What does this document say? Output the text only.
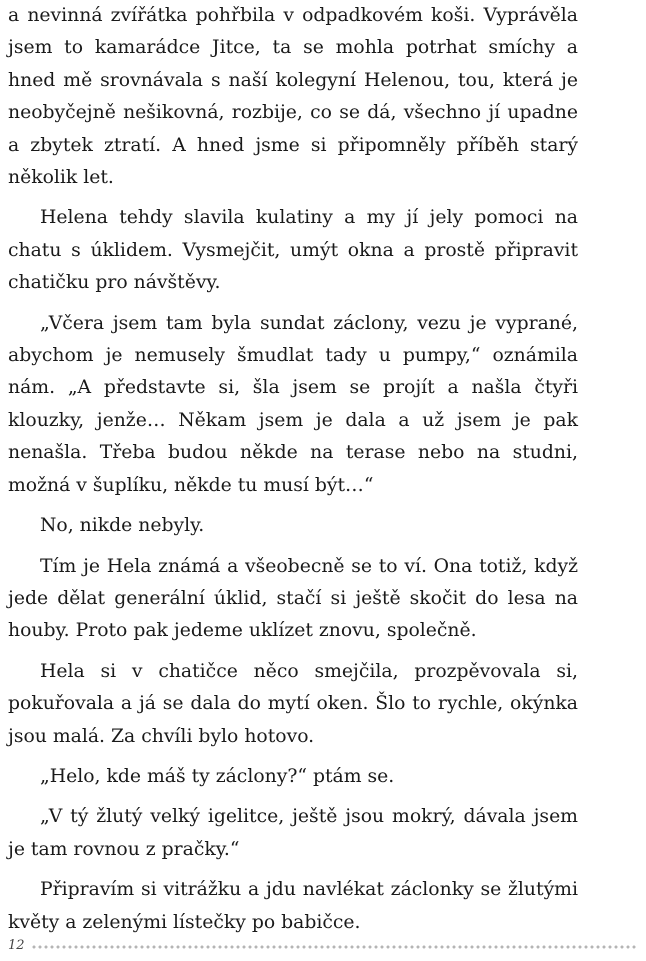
a nevinná zvířátka pohřbila v odpadkovém koši. Vyprávěla jsem to kamarádce Jitce, ta se mohla potrhat smíchy a hned mě srovnávala s naší kolegyní Helenou, tou, která je neobyčejně nešikovná, rozbije, co se dá, všechno jí upadne a zbytek ztratí. A hned jsme si připomněly příběh starý několik let.

Helena tehdy slavila kulatiny a my jí jely pomoci na chatu s úklidem. Vysmejčit, umýt okna a prostě připravit chatičku pro návštěvy.

„Včera jsem tam byla sundat záclony, vezu je vyprané, abychom je nemusely šmudlat tady u pumpy,“ oznámila nám. „A představte si, šla jsem se projít a našla čtyři klouzky, jenže… Někam jsem je dala a už jsem je pak nenašla. Třeba budou někde na terase nebo na studni, možná v šuplíku, někde tu musí být…“

No, nikde nebyly.

Tím je Hela známá a všeobecně se to ví. Ona totiž, když jede dělat generální úklid, stačí si ještě skočit do lesa na houby. Proto pak jedeme uklízet znovu, společně.

Hela si v chatičce něco smejčila, prozpěvovala si, pokuřovala a já se dala do mytí oken. Šlo to rychle, okýnka jsou malá. Za chvíli bylo hotovo.

„Helo, kde máš ty záclony?“ ptám se.

„V tý žlutý velký igelitce, ještě jsou mokrý, dávala jsem je tam rovnou z pračky.“

Připravím si vitrážku a jdu navlékat záclonky se žlutými květy a zelenými lístečky po babičce.

12
